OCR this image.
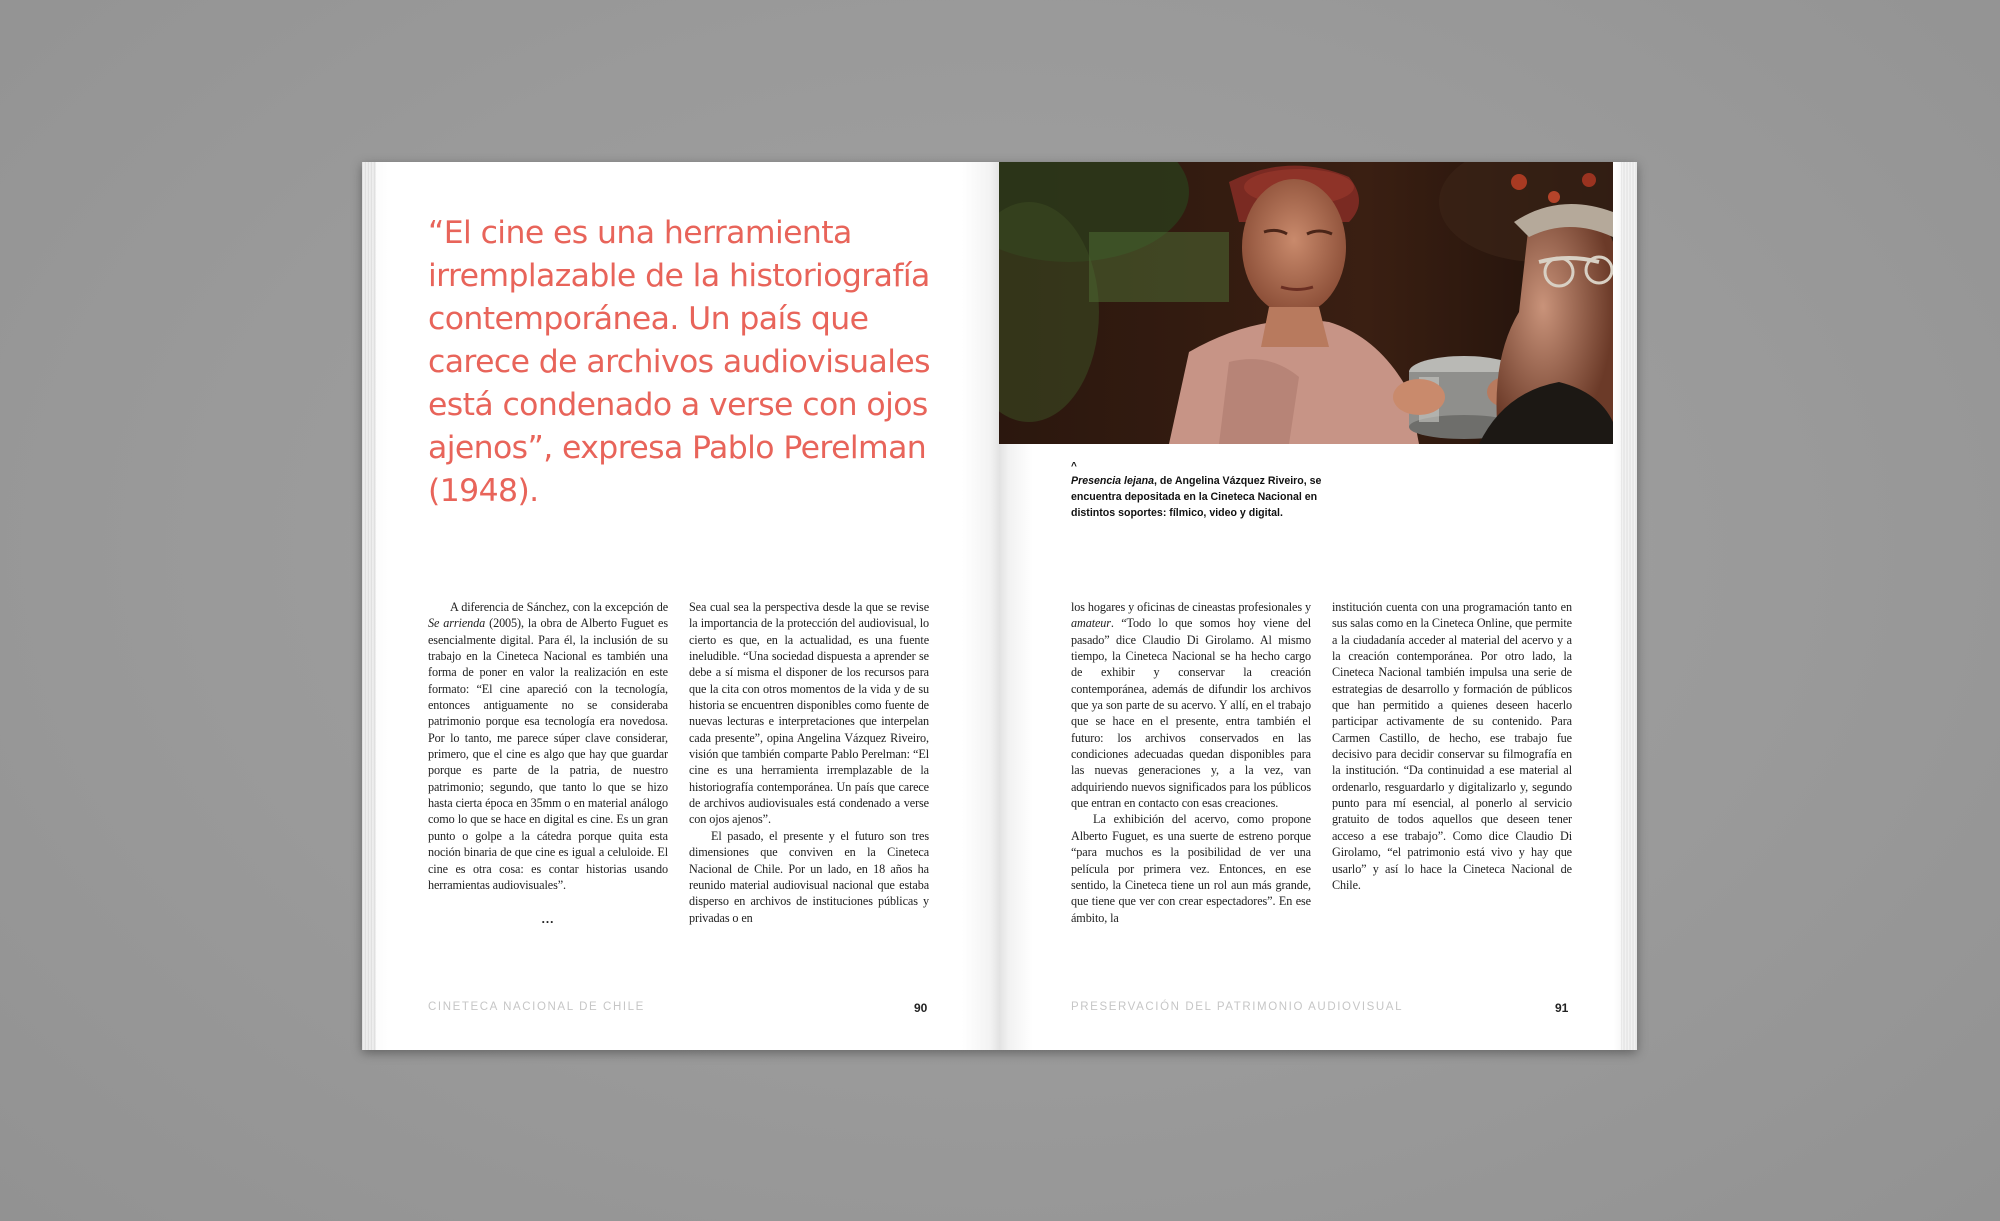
“El cine es una herramienta irremplazable de la historiografía contemporánea. Un país que carece de archivos audiovisuales está condenado a verse con ojos ajenos”, expresa Pablo Perelman (1948).

A diferencia de Sánchez, con la excepción de Se arrienda (2005), la obra de Alberto Fuguet es esencialmente digital. Para él, la inclusión de su trabajo en la Cineteca Nacional es también una forma de poner en valor la realización en este formato: “El cine apareció con la tecnología, entonces antiguamente no se consideraba patrimonio porque esa tecnología era novedosa. Por lo tanto, me parece súper clave considerar, primero, que el cine es algo que hay que guardar porque es parte de la patria, de nuestro patrimonio; segundo, que tanto lo que se hizo hasta cierta época en 35mm o en material análogo como lo que se hace en digital es cine. Es un gran punto o golpe a la cátedra porque quita esta noción binaria de que cine es igual a celuloide. El cine es otra cosa: es contar historias usando herramientas audiovisuales”.

...

Sea cual sea la perspectiva desde la que se revise la importancia de la protección del audiovisual, lo cierto es que, en la actualidad, es una fuente ineludible. “Una sociedad dispuesta a aprender se debe a sí misma el disponer de los recursos para que la cita con otros momentos de la vida y de su historia se encuentren disponibles como fuente de nuevas lecturas e interpretaciones que interpelan cada presente”, opina Angelina Vázquez Riveiro, visión que también comparte Pablo Perelman: “El cine es una herramienta irremplazable de la historiografía contemporánea. Un país que carece de archivos audiovisuales está condenado a verse con ojos ajenos”.

El pasado, el presente y el futuro son tres dimensiones que conviven en la Cineteca Nacional de Chile. Por un lado, en 18 años ha reunido material audiovisual nacional que estaba disperso en archivos de instituciones públicas y privadas o en

CINETECA NACIONAL DE CHILE	90
^
Presencia lejana, de Angelina Vázquez Riveiro, se encuentra depositada en la Cineteca Nacional en distintos soportes: fílmico, video y digital.

los hogares y oficinas de cineastas profesionales y amateur. “Todo lo que somos hoy viene del pasado” dice Claudio Di Girolamo. Al mismo tiempo, la Cineteca Nacional se ha hecho cargo de exhibir y conservar la creación contemporánea, además de difundir los archivos que ya son parte de su acervo. Y allí, en el trabajo que se hace en el presente, entra también el futuro: los archivos conservados en las condiciones adecuadas quedan disponibles para las nuevas generaciones y, a la vez, van adquiriendo nuevos significados para los públicos que entran en contacto con esas creaciones.

La exhibición del acervo, como propone Alberto Fuguet, es una suerte de estreno porque “para muchos es la posibilidad de ver una película por primera vez. Entonces, en ese sentido, la Cineteca tiene un rol aun más grande, que tiene que ver con crear espectadores”. En ese ámbito, la

institución cuenta con una programación tanto en sus salas como en la Cineteca Online, que permite a la ciudadanía acceder al material del acervo y a la creación contemporánea. Por otro lado, la Cineteca Nacional también impulsa una serie de estrategias de desarrollo y formación de públicos que han permitido a quienes deseen hacerlo participar activamente de su contenido. Para Carmen Castillo, de hecho, ese trabajo fue decisivo para decidir conservar su filmografía en la institución. “Da continuidad a ese material al ordenarlo, resguardarlo y digitalizarlo y, segundo punto para mí esencial, al ponerlo al servicio gratuito de todos aquellos que deseen tener acceso a ese trabajo”. Como dice Claudio Di Girolamo, “el patrimonio está vivo y hay que usarlo” y así lo hace la Cineteca Nacional de Chile.

PRESERVACIÓN DEL PATRIMONIO AUDIOVISUAL	91
